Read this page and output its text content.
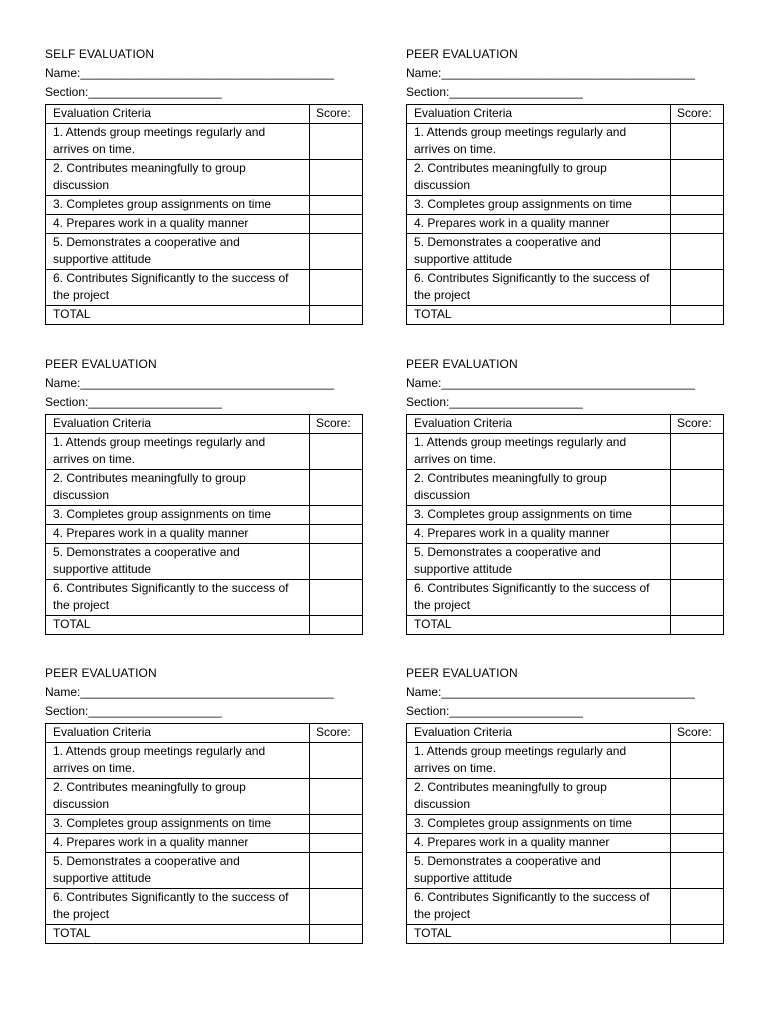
SELF EVALUATION
Name:______________________________________
Section:____________________
Evaluation Criteria	Score:
1. Attends group meetings regularly and
arrives on time.	
2. Contributes meaningfully to group
discussion	
3. Completes group assignments on time	
4. Prepares work in a quality manner	
5. Demonstrates a cooperative and
supportive attitude	
6. Contributes Significantly to the success of
the project	
TOTAL	
PEER EVALUATION
Name:______________________________________
Section:____________________
Evaluation Criteria	Score:
1. Attends group meetings regularly and
arrives on time.	
2. Contributes meaningfully to group
discussion	
3. Completes group assignments on time	
4. Prepares work in a quality manner	
5. Demonstrates a cooperative and
supportive attitude	
6. Contributes Significantly to the success of
the project	
TOTAL	
PEER EVALUATION
Name:______________________________________
Section:____________________
Evaluation Criteria	Score:
1. Attends group meetings regularly and
arrives on time.	
2. Contributes meaningfully to group
discussion	
3. Completes group assignments on time	
4. Prepares work in a quality manner	
5. Demonstrates a cooperative and
supportive attitude	
6. Contributes Significantly to the success of
the project	
TOTAL	
PEER EVALUATION
Name:______________________________________
Section:____________________
Evaluation Criteria	Score:
1. Attends group meetings regularly and
arrives on time.	
2. Contributes meaningfully to group
discussion	
3. Completes group assignments on time	
4. Prepares work in a quality manner	
5. Demonstrates a cooperative and
supportive attitude	
6. Contributes Significantly to the success of
the project	
TOTAL	
PEER EVALUATION
Name:______________________________________
Section:____________________
Evaluation Criteria	Score:
1. Attends group meetings regularly and
arrives on time.	
2. Contributes meaningfully to group
discussion	
3. Completes group assignments on time	
4. Prepares work in a quality manner	
5. Demonstrates a cooperative and
supportive attitude	
6. Contributes Significantly to the success of
the project	
TOTAL	
PEER EVALUATION
Name:______________________________________
Section:____________________
Evaluation Criteria	Score:
1. Attends group meetings regularly and
arrives on time.	
2. Contributes meaningfully to group
discussion	
3. Completes group assignments on time	
4. Prepares work in a quality manner	
5. Demonstrates a cooperative and
supportive attitude	
6. Contributes Significantly to the success of
the project	
TOTAL	
